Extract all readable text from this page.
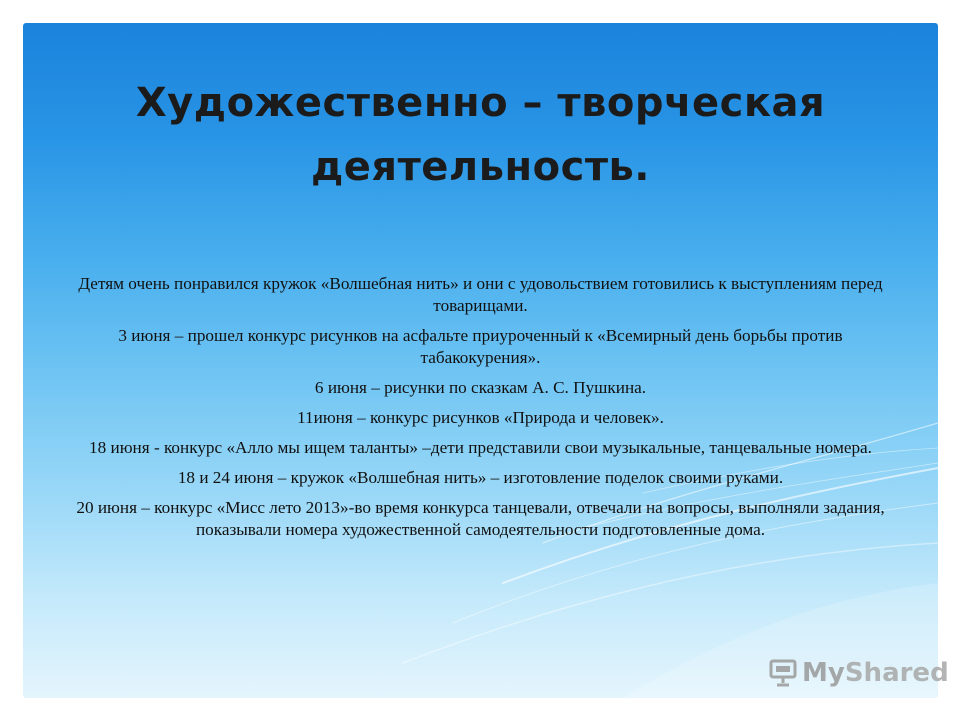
Художественно – творческая деятельность.

Детям очень понравился кружок «Волшебная нить» и они с удовольствием готовились к выступлениям перед товарищами.

3 июня – прошел конкурс рисунков на асфальте приуроченный к «Всемирный день борьбы против табакокурения».

6 июня – рисунки по сказкам А. С. Пушкина.

11июня – конкурс рисунков «Природа и человек».

18 июня - конкурс «Алло мы ищем таланты» –дети представили свои музыкальные, танцевальные номера.

18 и 24 июня – кружок «Волшебная нить» – изготовление поделок своими руками.

20 июня – конкурс «Мисс лето 2013»-во время конкурса танцевали, отвечали на вопросы, выполняли задания, показывали номера художественной самодеятельности подготовленные дома.

MyShared
